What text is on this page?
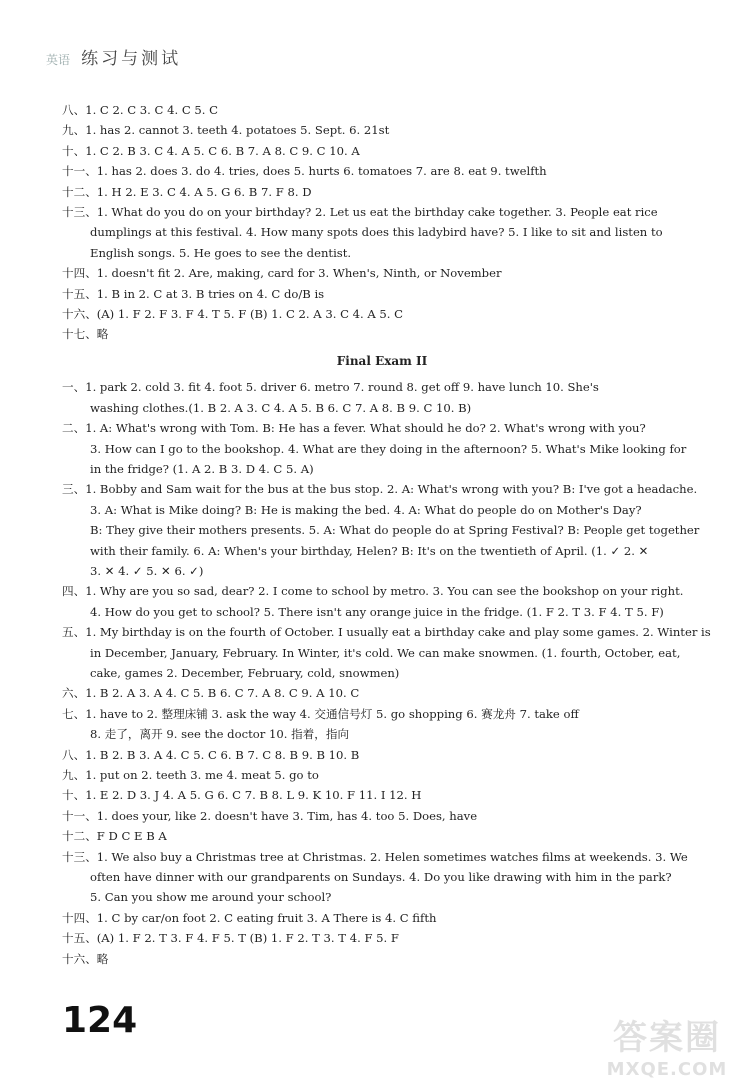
英语 练习与测试
八、1. C 2. C 3. C 4. C 5. C
九、1. has 2. cannot 3. teeth 4. potatoes 5. Sept. 6. 21st
十、1. C 2. B 3. C 4. A 5. C 6. B 7. A 8. C 9. C 10. A
十一、1. has 2. does 3. do 4. tries, does 5. hurts 6. tomatoes 7. are 8. eat 9. twelfth
十二、1. H 2. E 3. C 4. A 5. G 6. B 7. F 8. D
十三、1. What do you do on your birthday? 2. Let us eat the birthday cake together. 3. People eat rice
dumplings at this festival. 4. How many spots does this ladybird have? 5. I like to sit and listen to
English songs. 5. He goes to see the dentist.
十四、1. doesn't fit 2. Are, making, card for 3. When's, Ninth, or November
十五、1. B in 2. C at 3. B tries on 4. C do/B is
十六、(A) 1. F 2. F 3. F 4. T 5. F (B) 1. C 2. A 3. C 4. A 5. C
十七、略
Final Exam II
一、1. park 2. cold 3. fit 4. foot 5. driver 6. metro 7. round 8. get off 9. have lunch 10. She's
washing clothes.(1. B 2. A 3. C 4. A 5. B 6. C 7. A 8. B 9. C 10. B)
二、1. A: What's wrong with Tom. B: He has a fever. What should he do? 2. What's wrong with you?
3. How can I go to the bookshop. 4. What are they doing in the afternoon? 5. What's Mike looking for
in the fridge? (1. A 2. B 3. D 4. C 5. A)
三、1. Bobby and Sam wait for the bus at the bus stop. 2. A: What's wrong with you? B: I've got a headache.
3. A: What is Mike doing? B: He is making the bed. 4. A: What do people do on Mother's Day?
B: They give their mothers presents. 5. A: What do people do at Spring Festival? B: People get together
with their family. 6. A: When's your birthday, Helen? B: It's on the twentieth of April. (1. ✓ 2. ✕
3. ✕ 4. ✓ 5. ✕ 6. ✓)
四、1. Why are you so sad, dear? 2. I come to school by metro. 3. You can see the bookshop on your right.
4. How do you get to school? 5. There isn't any orange juice in the fridge. (1. F 2. T 3. F 4. T 5. F)
五、1. My birthday is on the fourth of October. I usually eat a birthday cake and play some games. 2. Winter is
in December, January, February. In Winter, it's cold. We can make snowmen. (1. fourth, October, eat,
cake, games 2. December, February, cold, snowmen)
六、1. B 2. A 3. A 4. C 5. B 6. C 7. A 8. C 9. A 10. C
七、1. have to 2. 整理床铺 3. ask the way 4. 交通信号灯 5. go shopping 6. 赛龙舟 7. take off
8. 走了，离开 9. see the doctor 10. 指着，指向
八、1. B 2. B 3. A 4. C 5. C 6. B 7. C 8. B 9. B 10. B
九、1. put on 2. teeth 3. me 4. meat 5. go to
十、1. E 2. D 3. J 4. A 5. G 6. C 7. B 8. L 9. K 10. F 11. I 12. H
十一、1. does your, like 2. doesn't have 3. Tim, has 4. too 5. Does, have
十二、F D C E B A
十三、1. We also buy a Christmas tree at Christmas. 2. Helen sometimes watches films at weekends. 3. We
often have dinner with our grandparents on Sundays. 4. Do you like drawing with him in the park?
5. Can you show me around your school?
十四、1. C by car/on foot 2. C eating fruit 3. A There is 4. C fifth
十五、(A) 1. F 2. T 3. F 4. F 5. T (B) 1. F 2. T 3. T 4. F 5. F
十六、略
124	答案圈
MXQE.COM
